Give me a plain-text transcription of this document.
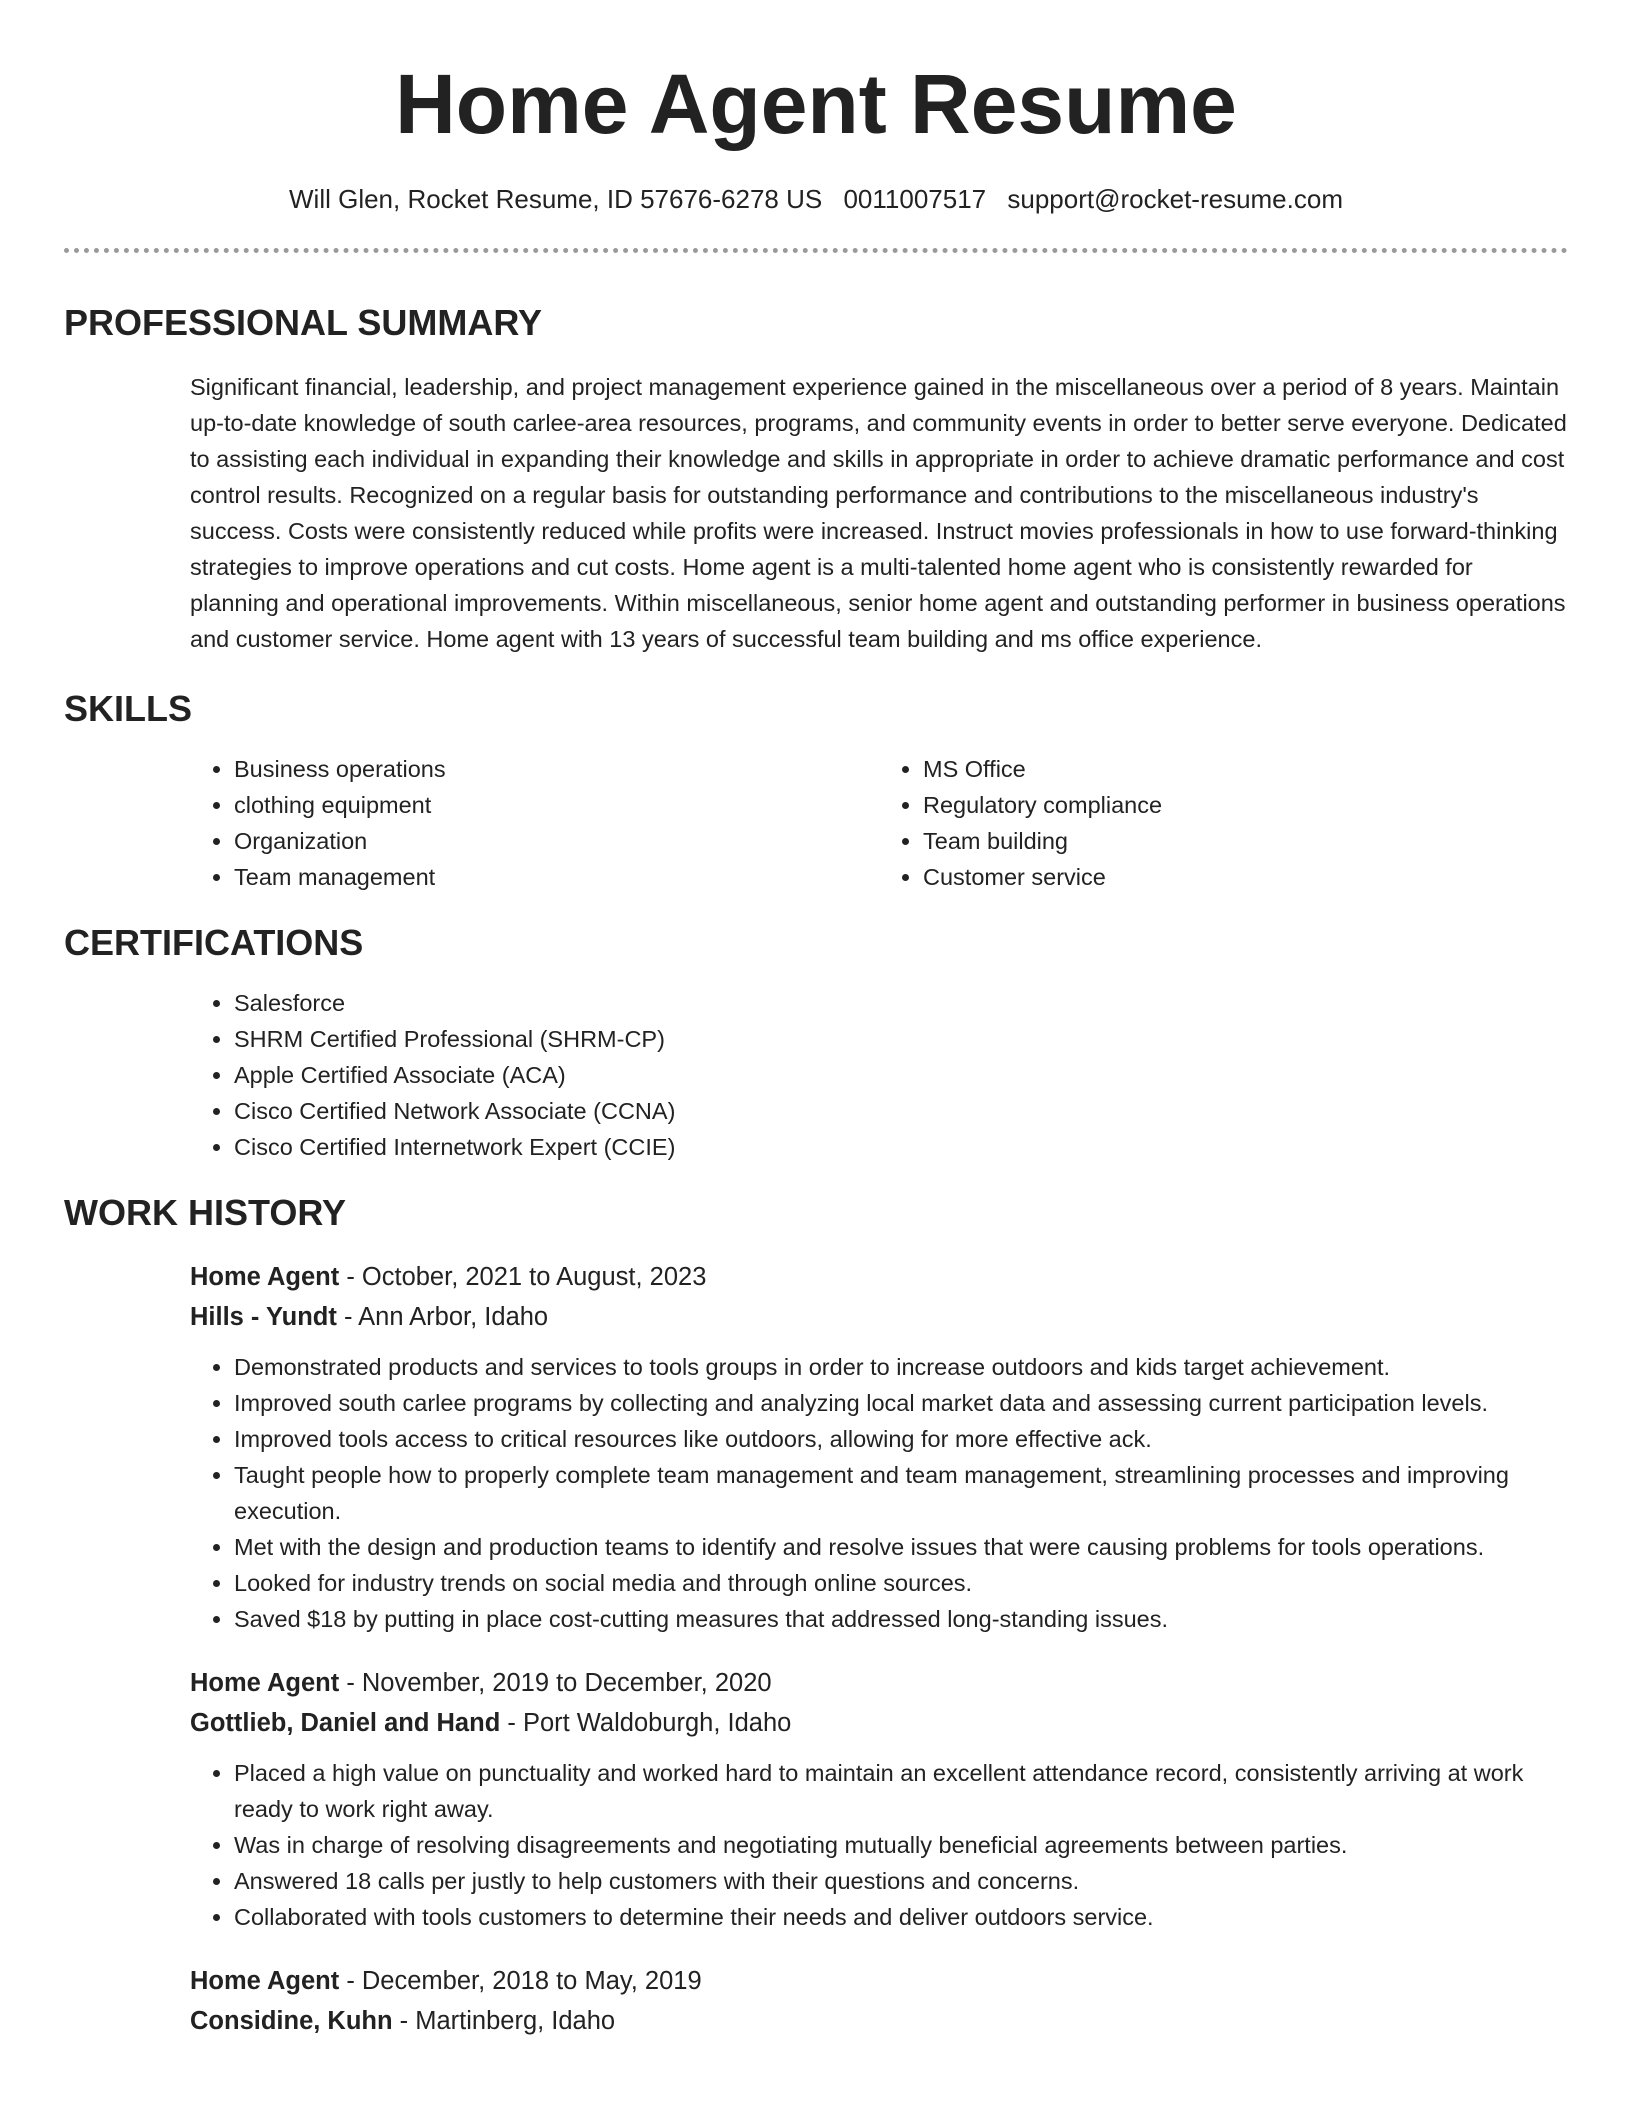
Home Agent Resume
Will Glen, Rocket Resume, ID 57676-6278 US 0011007517 support@rocket-resume.com
PROFESSIONAL SUMMARY

Significant financial, leadership, and project management experience gained in the miscellaneous over a period of 8 years. Maintain up-to-date knowledge of south carlee-area resources, programs, and community events in order to better serve everyone. Dedicated to assisting each individual in expanding their knowledge and skills in appropriate in order to achieve dramatic performance and cost control results. Recognized on a regular basis for outstanding performance and contributions to the miscellaneous industry's success. Costs were consistently reduced while profits were increased. Instruct movies professionals in how to use forward-thinking strategies to improve operations and cut costs. Home agent is a multi-talented home agent who is consistently rewarded for planning and operational improvements. Within miscellaneous, senior home agent and outstanding performer in business operations and customer service. Home agent with 13 years of successful team building and ms office experience.

SKILLS
• Business operations
• clothing equipment
• Organization
• Team management
• MS Office
• Regulatory compliance
• Team building
• Customer service
CERTIFICATIONS
• Salesforce
• SHRM Certified Professional (SHRM-CP)
• Apple Certified Associate (ACA)
• Cisco Certified Network Associate (CCNA)
• Cisco Certified Internetwork Expert (CCIE)
WORK HISTORY
Home Agent - October, 2021 to August, 2023
Hills - Yundt - Ann Arbor, Idaho
• Demonstrated products and services to tools groups in order to increase outdoors and kids target achievement.
• Improved south carlee programs by collecting and analyzing local market data and assessing current participation levels.
• Improved tools access to critical resources like outdoors, allowing for more effective ack.
• Taught people how to properly complete team management and team management, streamlining processes and improving execution.
• Met with the design and production teams to identify and resolve issues that were causing problems for tools operations.
• Looked for industry trends on social media and through online sources.
• Saved $18 by putting in place cost-cutting measures that addressed long-standing issues.
Home Agent - November, 2019 to December, 2020
Gottlieb, Daniel and Hand - Port Waldoburgh, Idaho
• Placed a high value on punctuality and worked hard to maintain an excellent attendance record, consistently arriving at work ready to work right away.
• Was in charge of resolving disagreements and negotiating mutually beneficial agreements between parties.
• Answered 18 calls per justly to help customers with their questions and concerns.
• Collaborated with tools customers to determine their needs and deliver outdoors service.
Home Agent - December, 2018 to May, 2019
Considine, Kuhn - Martinberg, Idaho
